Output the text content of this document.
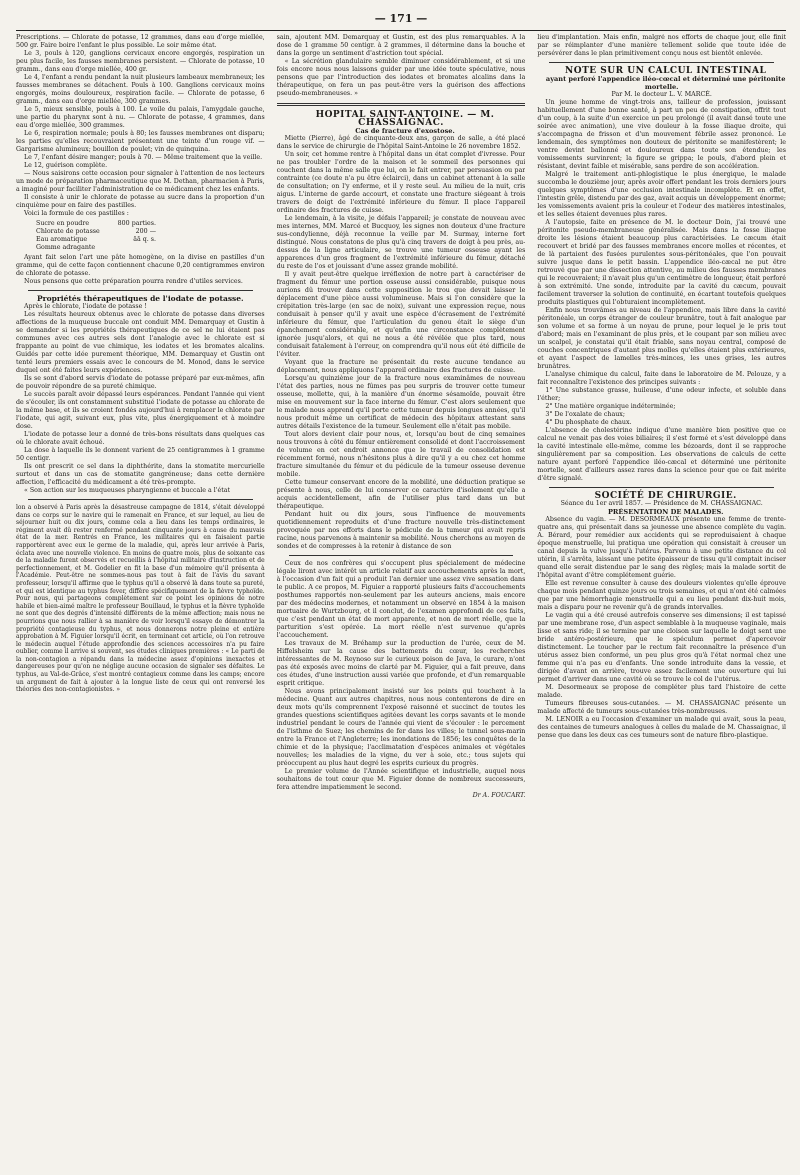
— 171 —

Prescriptions. — Chlorate de potasse, 12 grammes, dans eau d'orge miellée, 500 gr. Faire boire l'enfant le plus possible. Le soir même état.

Le 3, pouls à 120, ganglions cervicaux encore engorgés, respiration un peu plus facile, les fausses membranes persistent. — Chlorate de potasse, 10 gramm., dans eau d'orge miellée, 400 gr.

Le 4, l'enfant a rendu pendant la nuit plusieurs lambeaux membraneux; les fausses membranes se détachent. Pouls à 100. Ganglions cervicaux moins engorgés, moins douloureux, respiration facile. — Chlorate de potasse, 6 gramm., dans eau d'orge miellée, 300 grammes.

Le 5, mieux sensible, pouls à 100. Le voile du palais, l'amygdale gauche, une partie du pharynx sont à nu. — Chlorate de potasse, 4 grammes, dans eau d'orge miellée, 300 grammes.

Le 6, respiration normale; pouls à 80; les fausses membranes ont disparu; les parties qu'elles recouvraient présentent une teinte d'un rouge vif. — Gargarisme alumineux; bouillon de poulet; vin de quinquina.

Le 7, l'enfant désire manger; pouls à 70. — Même traitement que la veille.

Le 12, guérison complète.

— Nous saisirons cette occasion pour signaler à l'attention de nos lecteurs un mode de préparation pharmaceutique que M. Dethan, pharmacien à Paris, a imaginé pour faciliter l'administration de ce médicament chez les enfants.

Il consiste à unir le chlorate de potasse au sucre dans la proportion d'un cinquième pour en faire des pastilles.

Voici la formule de ces pastilles :

Sucre en poudre	800 parties.
Chlorate de potasse	200 —
Eau aromatique	āā q. s.
Gomme adragante

Ayant fait selon l'art une pâte homogène, on la divise en pastilles d'un gramme, qui de cette façon contiennent chacune 0,20 centigrammes environ de chlorate de potasse.

Nous pensons que cette préparation pourra rendre d'utiles services.

Propriétés thérapeutiques de l'iodate de potasse.

Après le chlorate, l'iodate de potasse !

Les résultats heureux obtenus avec le chlorate de potasse dans diverses affections de la muqueuse buccale ont conduit MM. Demarquay et Gustin à se demander si les propriétés thérapeutiques de ce sel ne lui étaient pas communes avec ces autres sels dont l'analogie avec le chlorate est si frappante au point de vue chimique, les iodates et les bromates alcalins. Guidés par cette idée purement théorique, MM. Demarquay et Gustin ont tenté leurs premiers essais avec le concours de M. Monod, dans le service duquel ont été faites leurs expériences.

Ils se sont d'abord servis d'iodate de potasse préparé par eux-mêmes, afin de pouvoir répondre de sa pureté chimique.

Le succès paraît avoir dépassé leurs espérances. Pendant l'année qui vient de s'écouler, ils ont constamment substitué l'iodate de potasse au chlorate de la même base, et ils se croient fondés aujourd'hui à remplacer le chlorate par l'iodate, qui agit, suivant eux, plus vite, plus énergiquement et à moindre dose.

L'iodate de potasse leur a donné de très-bons résultats dans quelques cas où le chlorate avait échoué.

La dose à laquelle ils le donnent varient de 25 centigrammes à 1 gramme 50 centigr.

Ils ont prescrit ce sel dans la diphthérite, dans la stomatite mercurielle surtout et dans un cas de stomatite gangréneuse; dans cette dernière affection, l'efficacité du médicament a été très-prompte.

« Son action sur les muqueuses pharyngienne et buccale a l'état

lon a observé à Paris après la désastreuse campagne de 1814, s'était développé dans ce corps sur le navire qui le ramenait en France, et sur lequel, au lieu de séjourner huit ou dix jours, comme cela a lieu dans les temps ordinaires, le régiment avait dû rester renfermé pendant cinquante jours à cause du mauvais état de la mer. Rentrés en France, les militaires qui en faisaient partie rapportèrent avec eux le germe de la maladie, qui, après leur arrivée à Paris, éclata avec une nouvelle violence. En moins de quatre mois, plus de soixante cas de la maladie furent observés et recueillis à l'hôpital militaire d'instruction et de perfectionnement, et M. Godelier en fit la base d'un mémoire qu'il présenta à l'Académie. Peut-être ne sommes-nous pas tout à fait de l'avis du savant professeur, lorsqu'il affirme que le typhus qu'il a observé là dans toute sa pureté, et qui est identique au typhus fever, diffère spécifiquement de la fièvre typhoïde. Pour nous, qui partageons complètement sur ce point les opinions de notre habile et bien-aimé maître le professeur Bouillaud, le typhus et la fièvre typhoïde ne sont que des degrés d'intensité différents de la même affection; mais nous ne pourrions que nous rallier à sa manière de voir lorsqu'il essaye de démontrer la propriété contagieuse du typhus, et nous donnerons notre pleine et entière approbation à M. Figuier lorsqu'il écrit, en terminant cet article, où l'on retrouve le médecin auquel l'étude approfondie des sciences accessoires n'a pu faire oublier, comme il arrive si souvent, ses études cliniques premières : « Le parti de la non-contagion a répandu dans la médecine assez d'opinions inexactes et dangereuses pour qu'on ne néglige aucune occasion de signaler ses défaites. Le typhus, au Val-de-Grâce, s'est montré contagieux comme dans les camps; encore un argument de fait à ajouter à la longue liste de ceux qui ont renversé les théories des non-contagionistes. »

sain, ajoutent MM. Demarquay et Gustin, est des plus remarquables. A la dose de 1 gramme 50 centigr. à 2 grammes, il détermine dans la bouche et dans la gorge un sentiment d'astriction tout spécial.

« La sécrétion glandulaire semble diminuer considérablement, et si une fois encore nous nous laissons guider par une idée toute spéculative, nous pensons que par l'introduction des iodates et bromates alcalins dans la thérapeutique, on fera un pas peut-être vers la guérison des affections pseudo-membraneuses. »

HOPITAL SAINT-ANTOINE. — M. CHASSAIGNAC.

Cas de fracture d'exostose.

Miette (Pierre), âgé de cinquante-deux ans, garçon de salle, a été placé dans le service de chirurgie de l'hôpital Saint-Antoine le 26 novembre 1852.

Un soir, cet homme rentre à l'hôpital dans un état complet d'ivresse. Pour ne pas troubler l'ordre de la maison et le sommeil des personnes qui couchent dans la même salle que lui, on le fait entrer, par persuasion ou par contrainte (ce doute n'a pu être éclairci), dans un cabinet attenant à la salle de consultation; on l'y enferme, et il y reste seul. Au milieu de la nuit, cris aigus. L'interne de garde accourt, et constate une fracture siégeant à trois travers de doigt de l'extrémité inférieure du fémur. Il place l'appareil ordinaire des fractures de cuisse.

Le lendemain, à la visite, je défais l'appareil; je constate de nouveau avec mes internes, MM. Marcé et Bucquoy, les signes non douteux d'une fracture sus-condylienne, déjà reconnue la veille par M. Surmay, interne fort distingué. Nous constatons de plus qu'à cinq travers de doigt à peu près, au-dessus de la ligne articulaire, se trouve une tumeur osseuse ayant les apparences d'un gros fragment de l'extrémité inférieure du fémur, détaché du reste de l'os et jouissant d'une assez grande mobilité.

Il y avait peut-être quelque irréflexion de notre part à caractériser de fragment du fémur une portion osseuse aussi considérable, puisque nous aurions dû trouver dans cette supposition le trou que devait laisser le déplacement d'une pièce aussi volumineuse. Mais si l'on considère que la crépitation très-large (en sac de noix), suivant une expression reçue, nous conduisait à penser qu'il y avait une espèce d'écrasement de l'extrémité inférieure du fémur, que l'articulation du genou était le siège d'un épanchement considérable, et qu'enfin une circonstance complètement ignorée jusqu'alors, et qui ne nous a été révélée que plus tard, nous conduisait fatalement à l'erreur, on comprendra qu'il nous eût été difficile de l'éviter.

Voyant que la fracture ne présentait du reste aucune tendance au déplacement, nous appliquons l'appareil ordinaire des fractures de cuisse.

Lorsqu'au quinzième jour de la fracture nous examinâmes de nouveau l'état des parties, nous ne fûmes pas peu surpris de trouver cette tumeur osseuse, mollette, qui, à la manière d'un énorme sésamoïde, pouvait être mise en mouvement sur la face interne du fémur. C'est alors seulement que le malade nous apprend qu'il porte cette tumeur depuis longues années, qu'il nous produit même un certificat de médecin des hôpitaux attestant sans autres détails l'existence de la tumeur. Seulement elle n'était pas mobile.

Tout alors devient clair pour nous, et, lorsqu'au bout de cinq semaines nous trouvons à côté du fémur entièrement consolidé et dont l'accroissement de volume en cet endroit annonce que le travail de consolidation est récemment formé, nous n'hésitons plus à dire qu'il y a eu chez cet homme fracture simultanée du fémur et du pédicule de la tumeur osseuse devenue mobile.

Cette tumeur conservant encore de la mobilité, une déduction pratique se présente à nous, celle de lui conserver ce caractère d'isolement qu'elle a acquis accidentellement, afin de l'utiliser plus tard dans un but thérapeutique.

Pendant huit ou dix jours, sous l'influence de mouvements quotidiennement reproduits et d'une fracture nouvelle très-distinctement provoquée par nos efforts dans le pédicule de la tumeur qui avait repris racine, nous parvenons à maintenir sa mobilité. Nous cherchons au moyen de sondes et de compresses à la retenir à distance de son

Ceux de nos confrères qui s'occupent plus spécialement de médecine légale liront avec intérêt un article relatif aux accouchements après la mort, à l'occasion d'un fait qui a produit l'an dernier une assez vive sensation dans le public. A ce propos, M. Figuier a rapporté plusieurs faits d'accouchements posthumes rapportés non-seulement par les auteurs anciens, mais encore par des médecins modernes, et notamment un observé en 1854 à la maison mortuaire de Wurtzbourg, et il conclut, de l'examen approfondi de ces faits, que c'est pendant un état de mort apparente, et non de mort réelle, que la parturition s'est opérée. La mort réelle n'est survenue qu'après l'accouchement.

Les travaux de M. Bréhamp sur la production de l'urée, ceux de M. Hiffelsheim sur la cause des battements du cœur, les recherches intéressantes de M. Reynoso sur le curieux poison de Java, le curare, n'ont pas été exposés avec moins de clarté par M. Figuier, qui a fait preuve, dans ces études, d'une instruction aussi variée que profonde, et d'un remarquable esprit critique.

Nous avons principalement insisté sur les points qui touchent à la médecine. Quant aux autres chapitres, nous nous contenterons de dire en deux mots qu'ils comprennent l'exposé raisonné et succinct de toutes les grandes questions scientifiques agitées devant les corps savants et le monde industriel pendant le cours de l'année qui vient de s'écouler : le percement de l'isthme de Suez; les chemins de fer dans les villes; le tunnel sous-marin entre la France et l'Angleterre; les inondations de 1856; les conquêtes de la chimie et de la physique; l'acclimatation d'espèces animales et végétales nouvelles; les maladies de la vigne, du ver à soie, etc.; tous sujets qui préoccupent au plus haut degré les esprits curieux du progrès.

Le premier volume de l'Année scientifique et industrielle, auquel nous souhaitons de tout cœur que M. Figuier donne de nombreux successeurs, fera attendre impatiemment le second.

Dr A. FOUCART.

lieu d'implantation. Mais enfin, malgré nos efforts de chaque jour, elle finit par se réimplanter d'une manière tellement solide que toute idée de persévérer dans le plan primitivement conçu nous est bientôt enlevée.

NOTE SUR UN CALCUL INTESTINAL

ayant perforé l'appendice iléo-cœcal et déterminé une péritonite mortelle.

Par M. le docteur L. V. MARCÉ.

Un jeune homme de vingt-trois ans, tailleur de profession, jouissant habituellement d'une bonne santé, à part un peu de constipation, offrit tout d'un coup, à la suite d'un exercice un peu prolongé (il avait dansé toute une soirée avec animation), une vive douleur à la fosse iliaque droite, qui s'accompagna de frisson et d'un mouvement fébrile assez prononcé. Le lendemain, des symptômes non douteux de péritonite se manifestèrent; le ventre devint ballonné et douloureux dans toute son étendue; les vomissements survinrent; la figure se grippa; le pouls, d'abord plein et résistant, devint faible et misérable, sans perdre de son accélération.

Malgré le traitement anti-phlogistique le plus énergique, le malade succomba le douzième jour, après avoir offert pendant les trois derniers jours quelques symptômes d'une occlusion intestinale incomplète. Et en effet, l'intestin grêle, distendu par des gaz, avait acquis un développement énorme; les vomissements avaient pris la couleur et l'odeur des matières intestinales, et les selles étaient devenues plus rares.

A l'autopsie, faite en présence de M. le docteur Doin, j'ai trouvé une péritonite pseudo-membraneuse généralisée. Mais dans la fosse iliaque droite les lésions étaient beaucoup plus caractérisées. Le cæcum était recouvert et bridé par des fausses membranes encore molles et récentes, et de là partaient des fusées purulentes sous-péritonéales, que l'on pouvait suivre jusque dans le petit bassin. L'appendice iléo-cæcal ne put être retrouvé que par une dissection attentive, au milieu des fausses membranes qui le recouvraient; il n'avait plus qu'un centimètre de longueur, était perforé à son extrémité. Une sonde, introduite par la cavité du cæcum, pouvait facilement traverser la solution de continuité, en écartant toutefois quelques produits plastiques qui l'obturaient incomplètement.

Enfin nous trouvâmes au niveau de l'appendice, mais libre dans la cavité péritonéale, un corps étranger de couleur brunâtre, tout à fait analogue par son volume et sa forme à un noyau de prune, pour lequel je le pris tout d'abord; mais en l'examinant de plus près, et le coupant par son milieu avec un scalpel, je constatai qu'il était friable, sans noyau central, composé de couches concentriques d'autant plus molles qu'elles étaient plus extérieures, et ayant l'aspect de lamelles très-minces, les unes grises, les autres brunâtres.

L'analyse chimique du calcul, faite dans le laboratoire de M. Pelouze, y a fait reconnaître l'existence des principes suivants :

1° Une substance grasse, huileuse, d'une odeur infecte, et soluble dans l'éther;

2° Une matière organique indéterminée;

3° De l'oxalate de chaux;

4° Du phosphate de chaux.

L'absence de cholestérine indique d'une manière bien positive que ce calcul ne venait pas des voies biliaires; il s'est formé et s'est développé dans la cavité intestinale elle-même, comme les bézoards, dont il se rapproche singulièrement par sa composition. Les observations de calculs de cette nature ayant perforé l'appendice iléo-cæcal et déterminé une péritonite mortelle, sont d'ailleurs assez rares dans la science pour que ce fait mérite d'être signalé.

SOCIÉTÉ DE CHIRURGIE.

Séance du 1er avril 1857. — Présidence de M. CHASSAIGNAC.

PRÉSENTATION DE MALADES.

Absence du vagin. — M. DESORMEAUX présente une femme de trente-quatre ans, qui présentait dans sa jeunesse une absence complète du vagin. A. Bérard, pour remédier aux accidents qui se reproduisaient à chaque époque menstruelle, lui pratiqua une opération qui consistait à creuser un canal depuis la vulve jusqu'à l'utérus. Parvenu à une petite distance du col utérin, il s'arrêta, laissant une petite épaisseur de tissu qu'il comptait inciser quand elle serait distendue par le sang des règles; mais la malade sortit de l'hôpital avant d'être complétement guérie.

Elle est revenue consulter à cause des douleurs violentes qu'elle éprouve chaque mois pendant quinze jours ou trois semaines, et qui n'ont été calmées que par une hémorrhagie menstruelle qui a eu lieu pendant dix-huit mois, mais a disparu pour ne revenir qu'à de grands intervalles.

Le vagin qui a été creusé autrefois conserve ses dimensions; il est tapissé par une membrane rose, d'un aspect semblable à la muqueuse vaginale, mais lisse et sans ride; il se termine par une cloison sur laquelle le doigt sent une bride antéro-postérieure, que le spéculum permet d'apercevoir distinctement. Le toucher par le rectum fait reconnaître la présence d'un utérus assez bien conformé, un peu plus gros qu'à l'état normal chez une femme qui n'a pas eu d'enfants. Une sonde introduite dans la vessie, et dirigée d'avant en arrière, trouve assez facilement une ouverture qui lui permet d'arriver dans une cavité où se trouve le col de l'utérus.

M. Desormeaux se propose de compléter plus tard l'histoire de cette malade.

Tumeurs fibreuses sous-cutanées. — M. CHASSAIGNAC présente un malade affecté de tumeurs sous-cutanées très-nombreuses.

M. LENOIR a eu l'occasion d'examiner un malade qui avait, sous la peau, des centaines de tumeurs analogues à celles du malade de M. Chassaignac, il pense que dans les deux cas ces tumeurs sont de nature fibro-plastique.
